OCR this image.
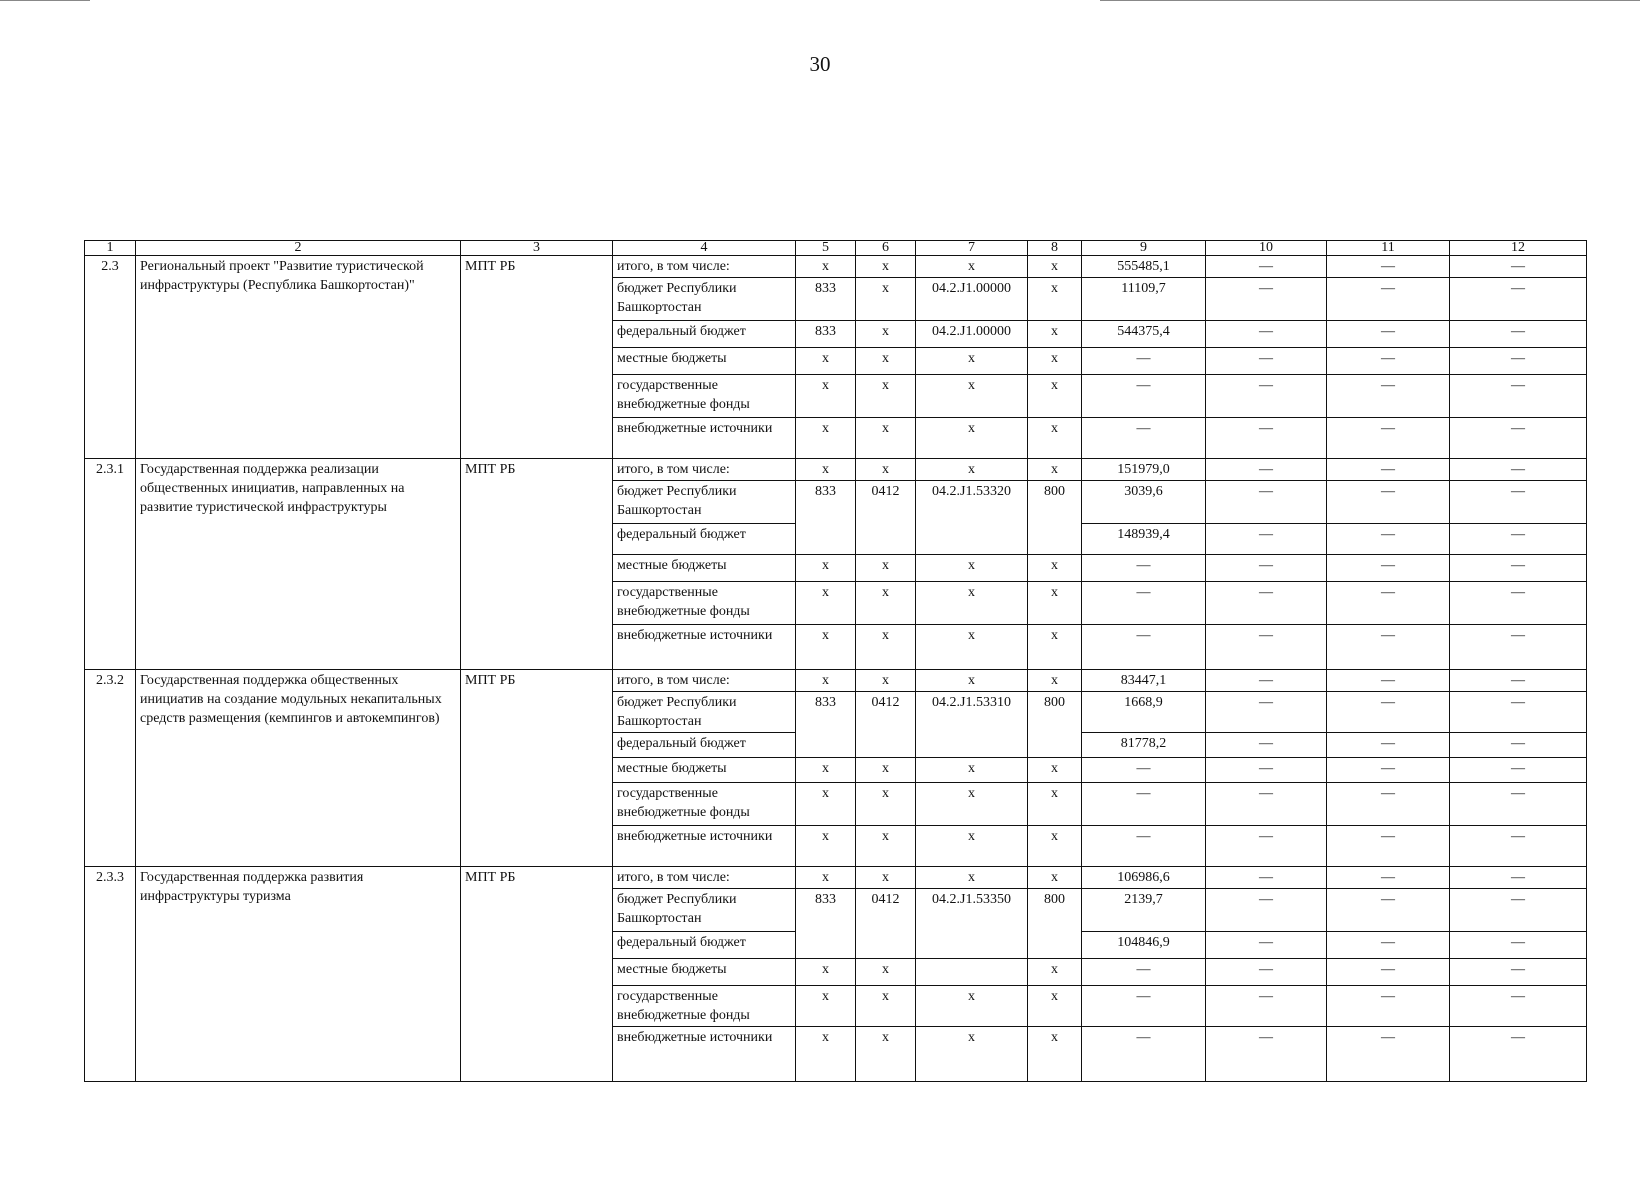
30
1	2	3	4	5	6	7	8	9	10	11	12
2.3	Региональный проект "Развитие туристической инфраструктуры (Республика Башкортостан)"	МПТ РБ	итого, в том числе:	x	x	x	x	555485,1	—	—	—
			бюджет Республики Башкортостан	833	x	04.2.J1.00000	x	11109,7	—	—	—
			федеральный бюджет	833	x	04.2.J1.00000	x	544375,4	—	—	—
			местные бюджеты	x	x	x	x	—	—	—	—
			государственные внебюджетные фонды	x	x	x	x	—	—	—	—
			внебюджетные источники	x	x	x	x	—	—	—	—
2.3.1	Государственная поддержка реализации общественных инициатив, направленных на развитие туристической инфраструктуры	МПТ РБ	итого, в том числе:	x	x	x	x	151979,0	—	—	—
			бюджет Республики Башкортостан	833	0412	04.2.J1.53320	800	3039,6	—	—	—
			федеральный бюджет					148939,4	—	—	—
			местные бюджеты	x	x	x	x	—	—	—	—
			государственные внебюджетные фонды	x	x	x	x	—	—	—	—
			внебюджетные источники	x	x	x	x	—	—	—	—
2.3.2	Государственная поддержка общественных инициатив на создание модульных некапитальных средств размещения (кемпингов и автокемпингов)	МПТ РБ	итого, в том числе:	x	x	x	x	83447,1	—	—	—
			бюджет Республики Башкортостан	833	0412	04.2.J1.53310	800	1668,9	—	—	—
			федеральный бюджет					81778,2	—	—	—
			местные бюджеты	x	x	x	x	—	—	—	—
			государственные внебюджетные фонды	x	x	x	x	—	—	—	—
			внебюджетные источники	x	x	x	x	—	—	—	—
2.3.3	Государственная поддержка развития инфраструктуры туризма	МПТ РБ	итого, в том числе:	x	x	x	x	106986,6	—	—	—
			бюджет Республики Башкортостан	833	0412	04.2.J1.53350	800	2139,7	—	—	—
			федеральный бюджет					104846,9	—	—	—
			местные бюджеты	x	x		x	—	—	—	—
			государственные внебюджетные фонды	x	x	x	x	—	—	—	—
			внебюджетные источники	x	x	x	x	—	—	—	—
